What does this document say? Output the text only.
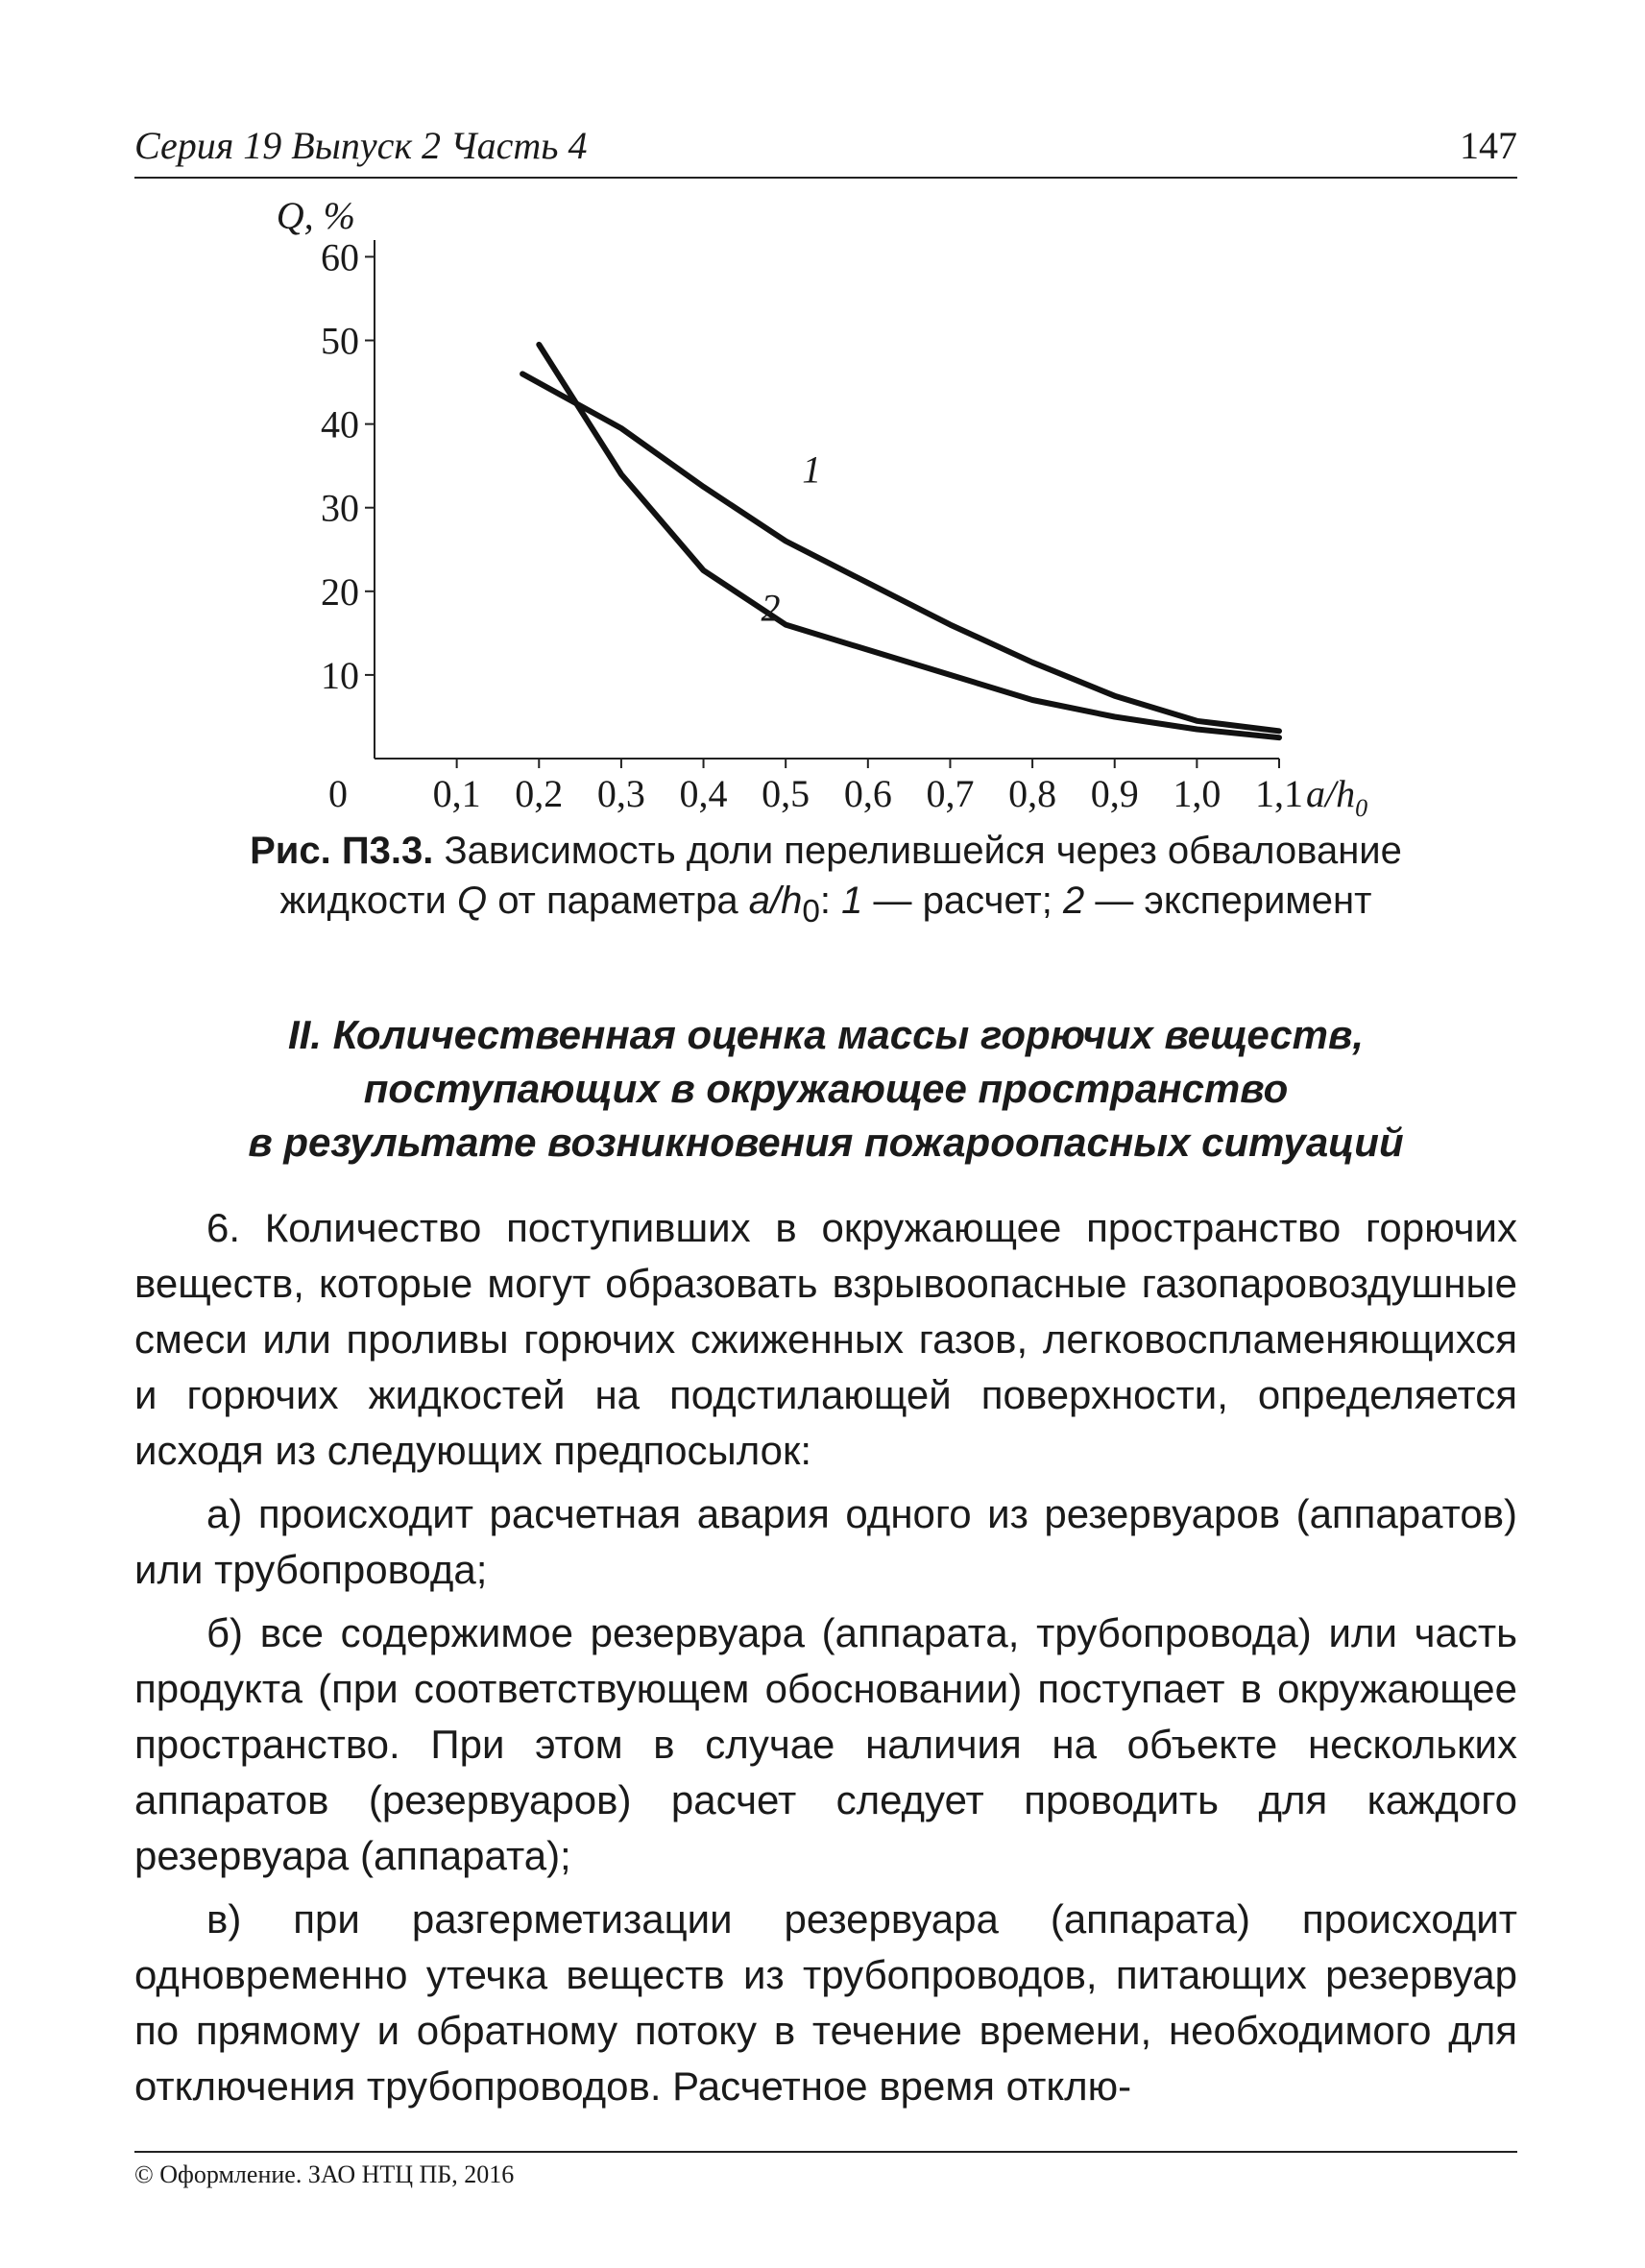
Серия 19 Выпуск 2 Часть 4	147
60
50
40
30
20
10
Q, %
0 0,1 0,2 0,3 0,4 0,5 0,6 0,7 0,8 0,9 1,0 1,1 $a/h_0$
1
2
Рис. П3.3. Зависимость доли перелившейся через обвалование
жидкости Q от параметра $a/h_0$: 1 — расчет; 2 — эксперимент
II. Количественная оценка массы горючих веществ,
поступающих в окружающее пространство
в результате возникновения пожароопасных ситуаций

6. Количество поступивших в окружающее пространство горючих веществ, которые могут образовать взрывоопасные газопаровоздушные смеси или проливы горючих сжиженных газов, легковоспламеняющихся и горючих жидкостей на подстилающей поверхности, определяется исходя из следующих предпосылок:

а) происходит расчетная авария одного из резервуаров (аппаратов) или трубопровода;

б) все содержимое резервуара (аппарата, трубопровода) или часть продукта (при соответствующем обосновании) поступает в окружающее пространство. При этом в случае наличия на объекте нескольких аппаратов (резервуаров) расчет следует проводить для каждого резервуара (аппарата);

в) при разгерметизации резервуара (аппарата) происходит одновременно утечка веществ из трубопроводов, питающих резервуар по прямому и обратному потоку в течение времени, необходимого для отключения трубопроводов. Расчетное время отклю-

© Оформление. ЗАО НТЦ ПБ, 2016
